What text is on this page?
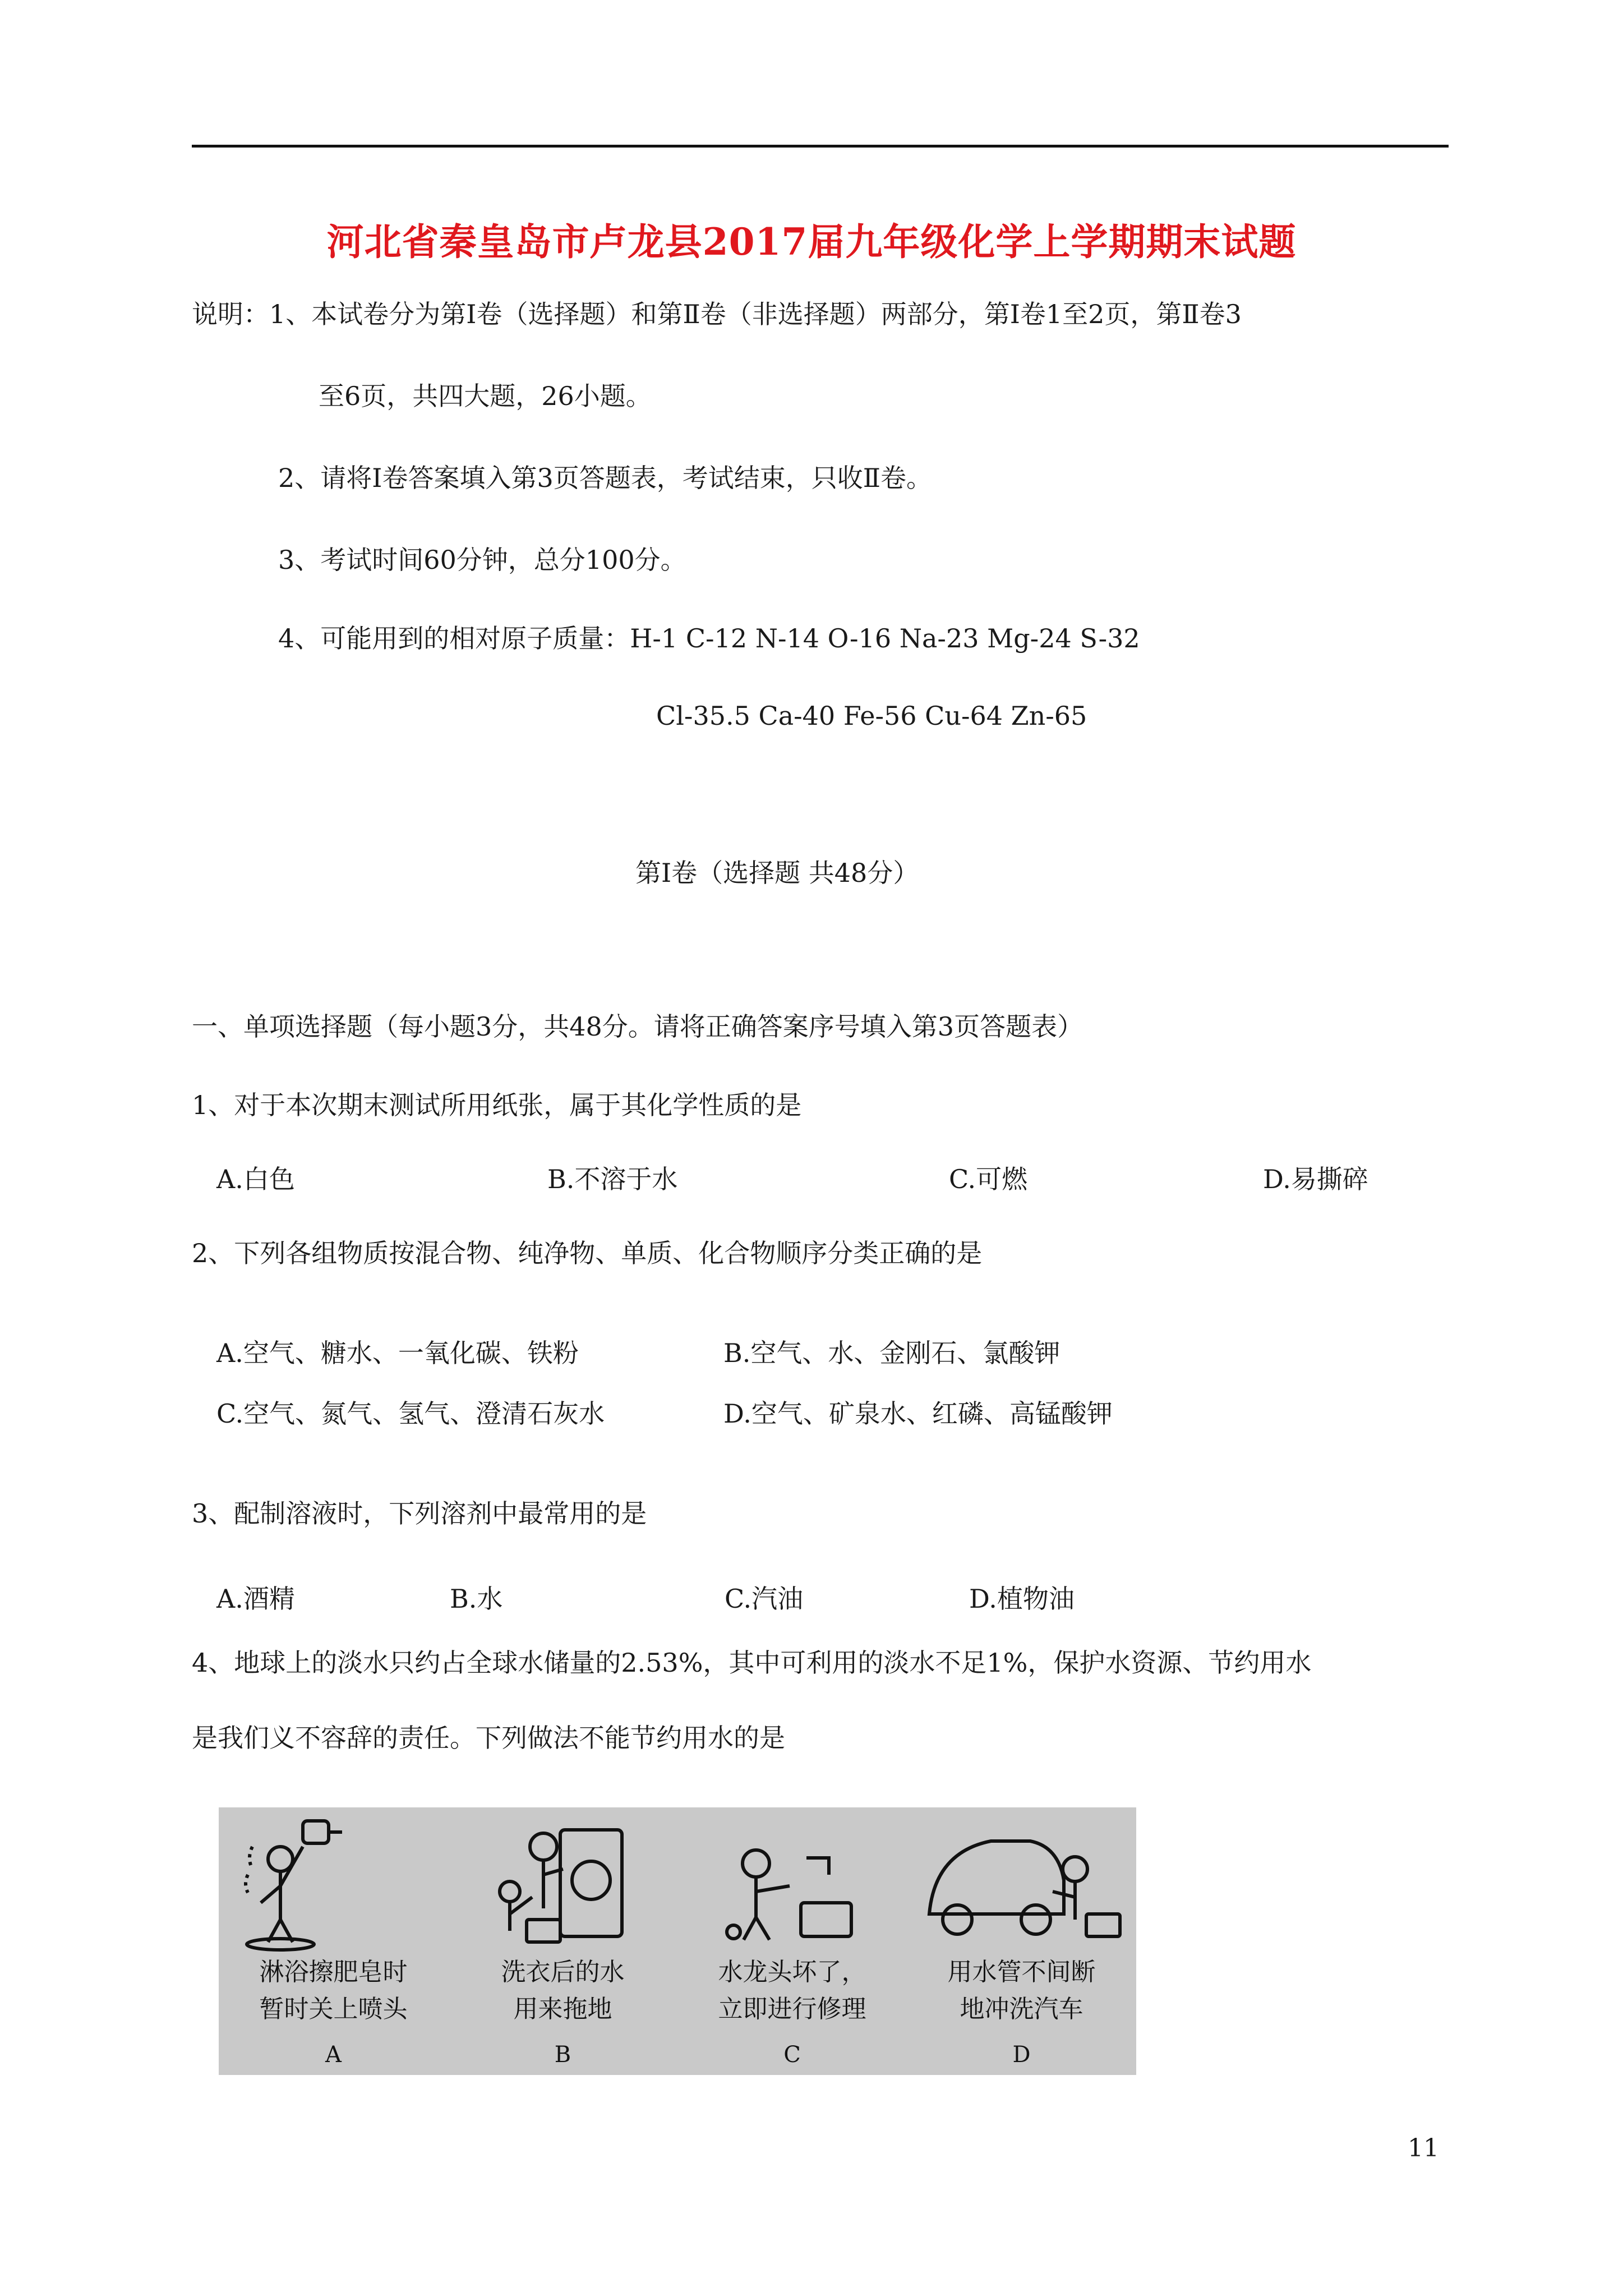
河北省秦皇岛市卢龙县2017届九年级化学上学期期末试题
说明：1、本试卷分为第Ⅰ卷（选择题）和第Ⅱ卷（非选择题）两部分，第Ⅰ卷1至2页，第Ⅱ卷3
至6页，共四大题，26小题。
2、请将Ⅰ卷答案填入第3页答题表，考试结束，只收Ⅱ卷。
3、考试时间60分钟，总分100分。
4、可能用到的相对原子质量：H-1 C-12 N-14 O-16 Na-23 Mg-24 S-32
Cl-35.5 Ca-40 Fe-56 Cu-64 Zn-65
第Ⅰ卷（选择题 共48分）
一、单项选择题（每小题3分，共48分。请将正确答案序号填入第3页答题表）
1、对于本次期末测试所用纸张，属于其化学性质的是
A.白色	B.不溶于水	C.可燃	D.易撕碎
2、下列各组物质按混合物、纯净物、单质、化合物顺序分类正确的是
A.空气、糖水、一氧化碳、铁粉	B.空气、水、金刚石、氯酸钾
C.空气、氮气、氢气、澄清石灰水	D.空气、矿泉水、红磷、高锰酸钾
3、配制溶液时，下列溶剂中最常用的是
A.酒精	B.水	C.汽油	D.植物油
4、地球上的淡水只约占全球水储量的2.53%，其中可利用的淡水不足1%，保护水资源、节约用水
是我们义不容辞的责任。下列做法不能节约用水的是
淋浴擦肥皂时
暂时关上喷头
A
洗衣后的水
用来拖地
B
水龙头坏了，
立即进行修理
C
用水管不间断
地冲洗汽车
D
11
